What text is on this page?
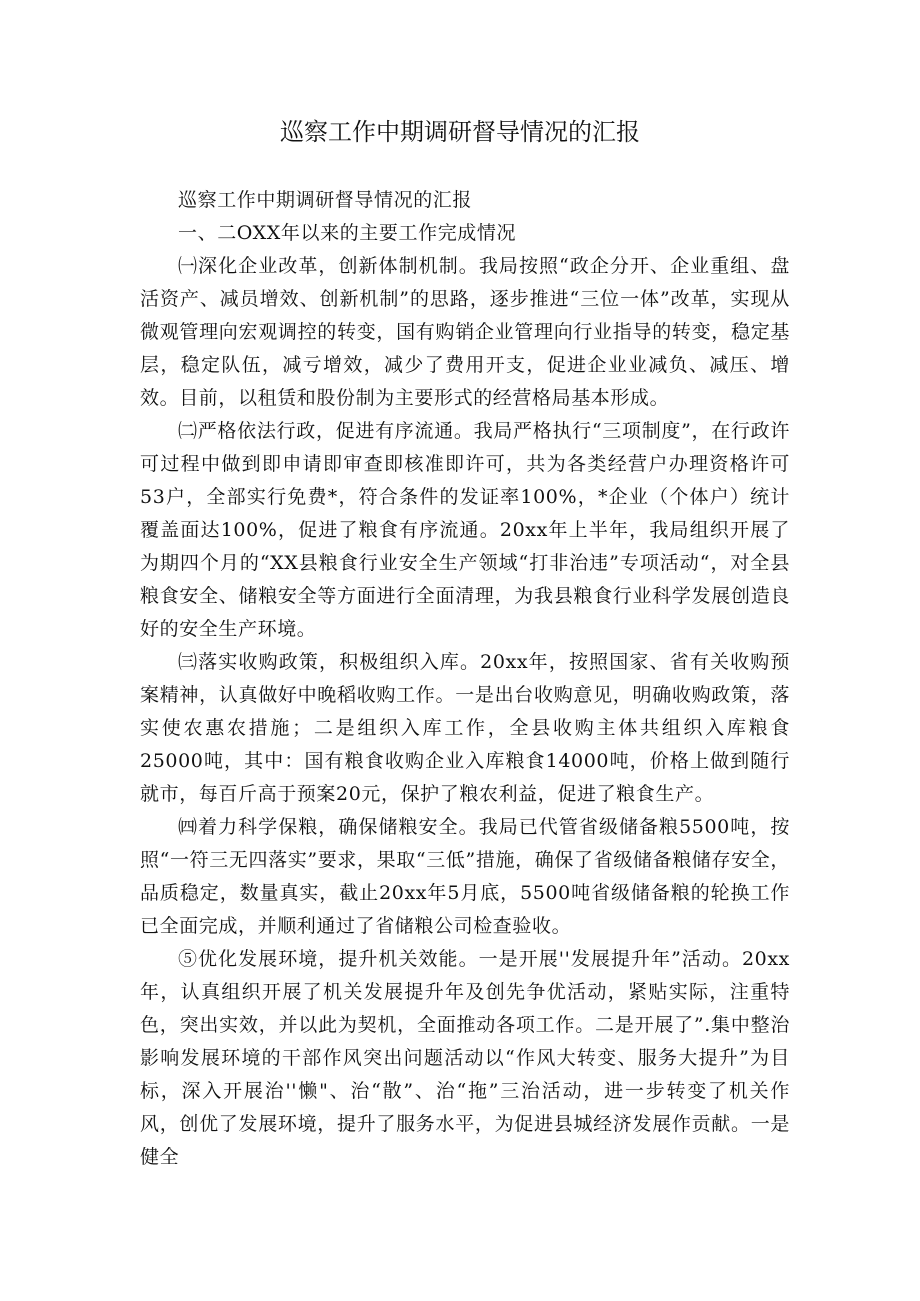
巡察工作中期调研督导情况的汇报

巡察工作中期调研督导情况的汇报

一、二OXX年以来的主要工作完成情况

㈠深化企业改革，创新体制机制。我局按照“政企分开、企业重组、盘活资产、减员增效、创新机制”的思路，逐步推进“三位一体”改革，实现从微观管理向宏观调控的转变，国有购销企业管理向行业指导的转变，稳定基层，稳定队伍，减亏增效，减少了费用开支，促进企业业减负、减压、增效。目前，以租赁和股份制为主要形式的经营格局基本形成。

㈡严格依法行政，促进有序流通。我局严格执行“三项制度”，在行政许可过程中做到即申请即审查即核准即许可，共为各类经营户办理资格许可53户，全部实行免费*，符合条件的发证率100%，*企业（个体户）统计覆盖面达100%，促进了粮食有序流通。20xx年上半年，我局组织开展了为期四个月的“XX县粮食行业安全生产领域“打非治违”专项活动“，对全县粮食安全、储粮安全等方面进行全面清理，为我县粮食行业科学发展创造良好的安全生产环境。

㈢落实收购政策，积极组织入库。20xx年，按照国家、省有关收购预案精神，认真做好中晚稻收购工作。一是出台收购意见，明确收购政策，落实使农惠农措施；二是组织入库工作，全县收购主体共组织入库粮食25000吨，其中：国有粮食收购企业入库粮食14000吨，价格上做到随行就市，每百斤高于预案20元，保护了粮农利益，促进了粮食生产。

㈣着力科学保粮，确保储粮安全。我局已代管省级储备粮5500吨，按照“一符三无四落实”要求，果取“三低”措施，确保了省级储备粮储存安全，品质稳定，数量真实，截止20xx年5月底，5500吨省级储备粮的轮换工作已全面完成，并顺利通过了省储粮公司检查验收。

⑤优化发展环境，提升机关效能。一是开展''发展提升年”活动。20xx年，认真组织开展了机关发展提升年及创先争优活动，紧贴实际，注重特色，突出实效，并以此为契机，全面推动各项工作。二是开展了”.集中整治影响发展环境的干部作风突出问题活动以“作风大转变、服务大提升”为目标，深入开展治''懒"、治“散”、治“拖”三治活动，进一步转变了机关作风，创优了发展环境，提升了服务水平，为促进县城经济发展作贡献。一是健全
